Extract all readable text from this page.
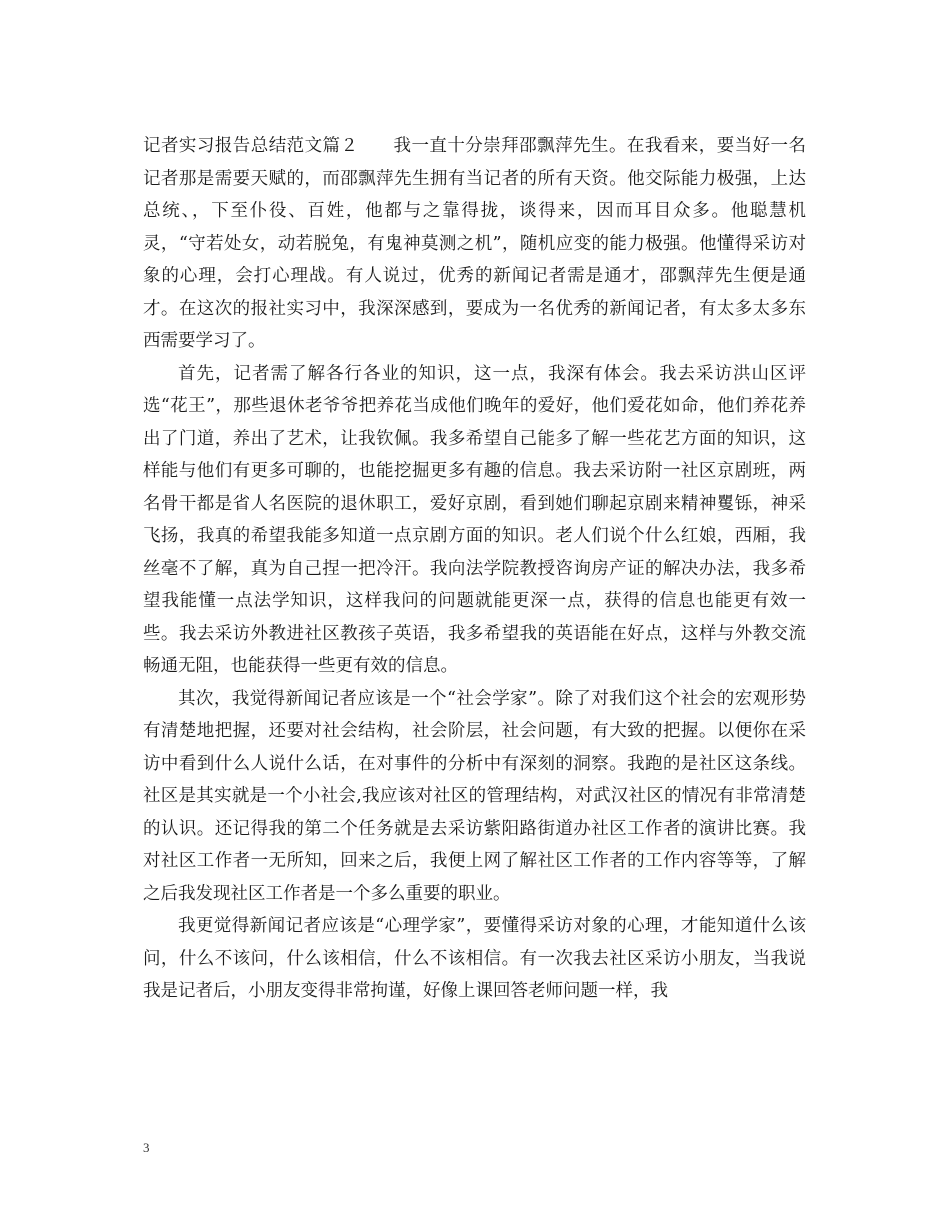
记者实习报告总结范文篇２ 我一直十分崇拜邵飘萍先生。在我看来，要当好一名记者那是需要天赋的，而邵飘萍先生拥有当记者的所有天资。他交际能力极强，上达总统、，下至仆役、百姓，他都与之靠得拢，谈得来，因而耳目众多。他聪慧机灵，“守若处女，动若脱兔，有鬼神莫测之机”，随机应变的能力极强。他懂得采访对象的心理，会打心理战。有人说过，优秀的新闻记者需是通才，邵飘萍先生便是通才。在这次的报社实习中，我深深感到，要成为一名优秀的新闻记者，有太多太多东西需要学习了。

首先，记者需了解各行各业的知识，这一点，我深有体会。我去采访洪山区评选“花王”，那些退休老爷爷把养花当成他们晚年的爱好，他们爱花如命，他们养花养出了门道，养出了艺术，让我钦佩。我多希望自己能多了解一些花艺方面的知识，这样能与他们有更多可聊的，也能挖掘更多有趣的信息。我去采访附一社区京剧班，两名骨干都是省人名医院的退休职工，爱好京剧，看到她们聊起京剧来精神矍铄，神采飞扬，我真的希望我能多知道一点京剧方面的知识。老人们说个什么红娘，西厢，我丝毫不了解，真为自己捏一把冷汗。我向法学院教授咨询房产证的解决办法，我多希望我能懂一点法学知识，这样我问的问题就能更深一点，获得的信息也能更有效一些。我去采访外教进社区教孩子英语，我多希望我的英语能在好点，这样与外教交流畅通无阻，也能获得一些更有效的信息。

其次，我觉得新闻记者应该是一个“社会学家”。除了对我们这个社会的宏观形势有清楚地把握，还要对社会结构，社会阶层，社会问题，有大致的把握。以便你在采访中看到什么人说什么话，在对事件的分析中有深刻的洞察。我跑的是社区这条线。社区是其实就是一个小社会,我应该对社区的管理结构，对武汉社区的情况有非常清楚的认识。还记得我的第二个任务就是去采访紫阳路街道办社区工作者的演讲比赛。我对社区工作者一无所知，回来之后，我便上网了解社区工作者的工作内容等等，了解之后我发现社区工作者是一个多么重要的职业。

我更觉得新闻记者应该是“心理学家”，要懂得采访对象的心理，才能知道什么该问，什么不该问，什么该相信，什么不该相信。有一次我去社区采访小朋友，当我说我是记者后，小朋友变得非常拘谨，好像上课回答老师问题一样，我

3
